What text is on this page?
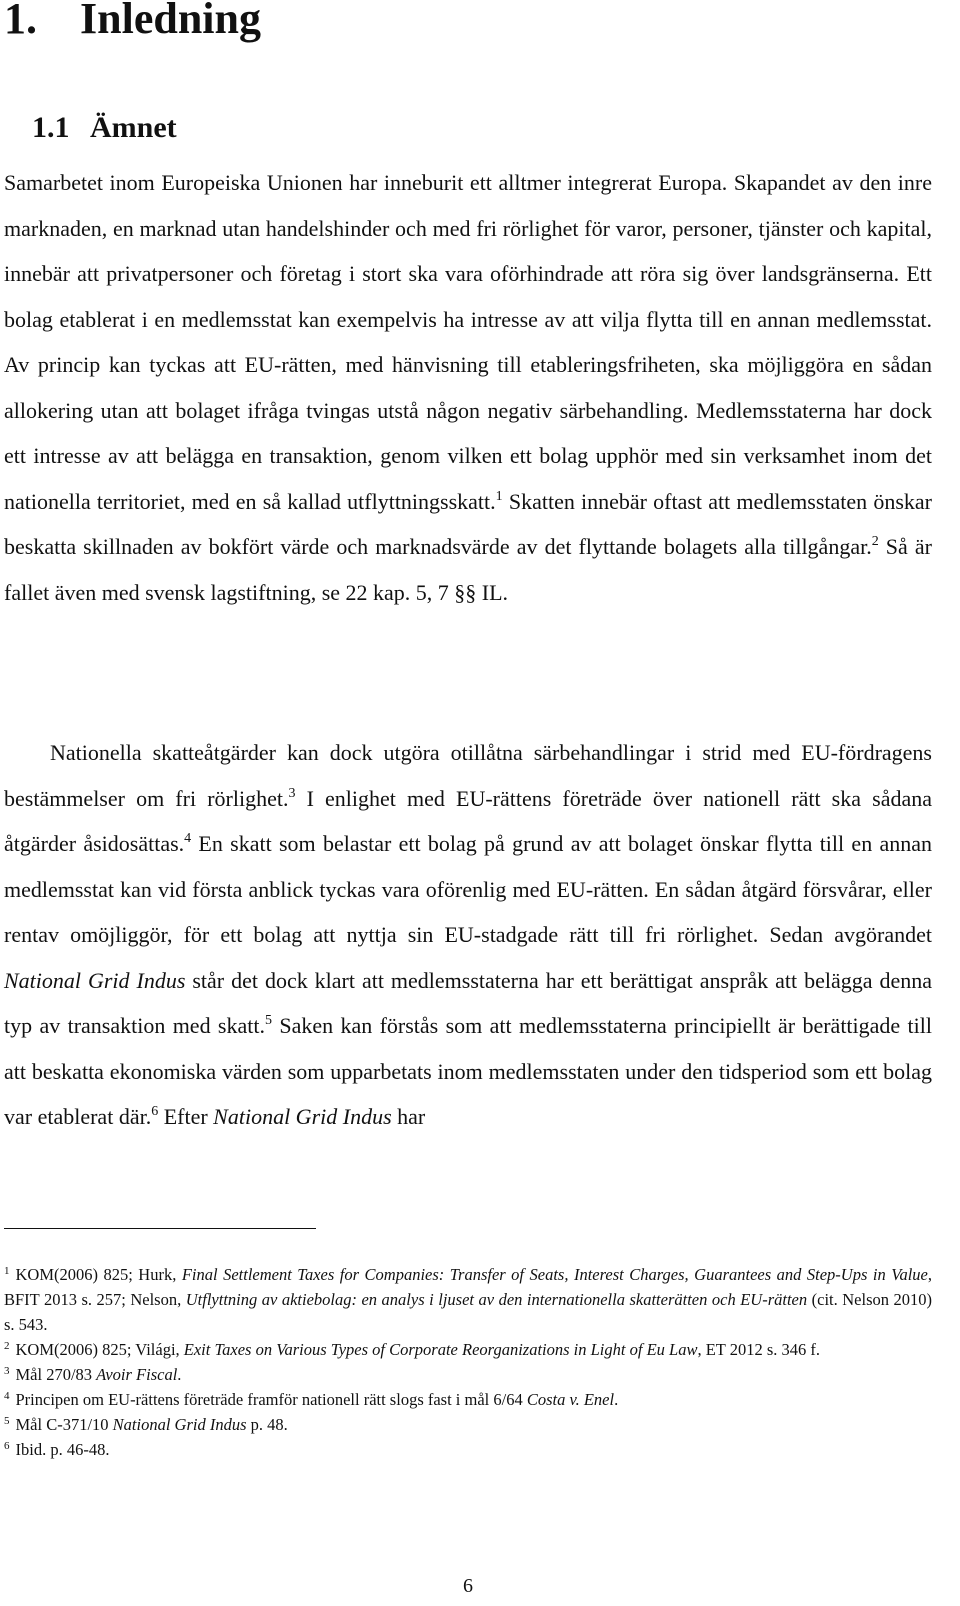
1. Inledning
1.1 Ämnet

Samarbetet inom Europeiska Unionen har inneburit ett alltmer integrerat Europa. Skapandet av den inre marknaden, en marknad utan handelshinder och med fri rörlighet för varor, personer, tjänster och kapital, innebär att privatpersoner och företag i stort ska vara oförhindrade att röra sig över landsgränserna. Ett bolag etablerat i en medlemsstat kan exempelvis ha intresse av att vilja flytta till en annan medlemsstat. Av princip kan tyckas att EU-rätten, med hänvisning till etableringsfriheten, ska möjliggöra en sådan allokering utan att bolaget ifråga tvingas utstå någon negativ särbehandling. Medlemsstaterna har dock ett intresse av att belägga en transaktion, genom vilken ett bolag upphör med sin verksamhet inom det nationella territoriet, med en så kallad utflyttningsskatt.$^1$ Skatten innebär oftast att medlemsstaten önskar beskatta skillnaden av bokfört värde och marknadsvärde av det flyttande bolagets alla tillgångar.$^2$ Så är fallet även med svensk lagstiftning, se 22 kap. 5, 7 §§ IL.

Nationella skatteåtgärder kan dock utgöra otillåtna särbehandlingar i strid med EU-fördragens bestämmelser om fri rörlighet.$^3$ I enlighet med EU-rättens företräde över nationell rätt ska sådana åtgärder åsidosättas.$^4$ En skatt som belastar ett bolag på grund av att bolaget önskar flytta till en annan medlemsstat kan vid första anblick tyckas vara oförenlig med EU-rätten. En sådan åtgärd försvårar, eller rentav omöjliggör, för ett bolag att nyttja sin EU-stadgade rätt till fri rörlighet. Sedan avgörandet National Grid Indus står det dock klart att medlemsstaterna har ett berättigat anspråk att belägga denna typ av transaktion med skatt.$^5$ Saken kan förstås som att medlemsstaterna principiellt är berättigade till att beskatta ekonomiska värden som upparbetats inom medlemsstaten under den tidsperiod som ett bolag var etablerat där.$^6$ Efter National Grid Indus har

$^1$ KOM(2006) 825; Hurk, Final Settlement Taxes for Companies: Transfer of Seats, Interest Charges, Guarantees and Step-Ups in Value, BFIT 2013 s. 257; Nelson, Utflyttning av aktiebolag: en analys i ljuset av den internationella skatterätten och EU-rätten (cit. Nelson 2010) s. 543.

$^2$ KOM(2006) 825; Világi, Exit Taxes on Various Types of Corporate Reorganizations in Light of Eu Law, ET 2012 s. 346 f.

$^3$ Mål 270/83 Avoir Fiscal.

$^4$ Principen om EU-rättens företräde framför nationell rätt slogs fast i mål 6/64 Costa v. Enel.

$^5$ Mål C-371/10 National Grid Indus p. 48.

$^6$ Ibid. p. 46-48.

6
